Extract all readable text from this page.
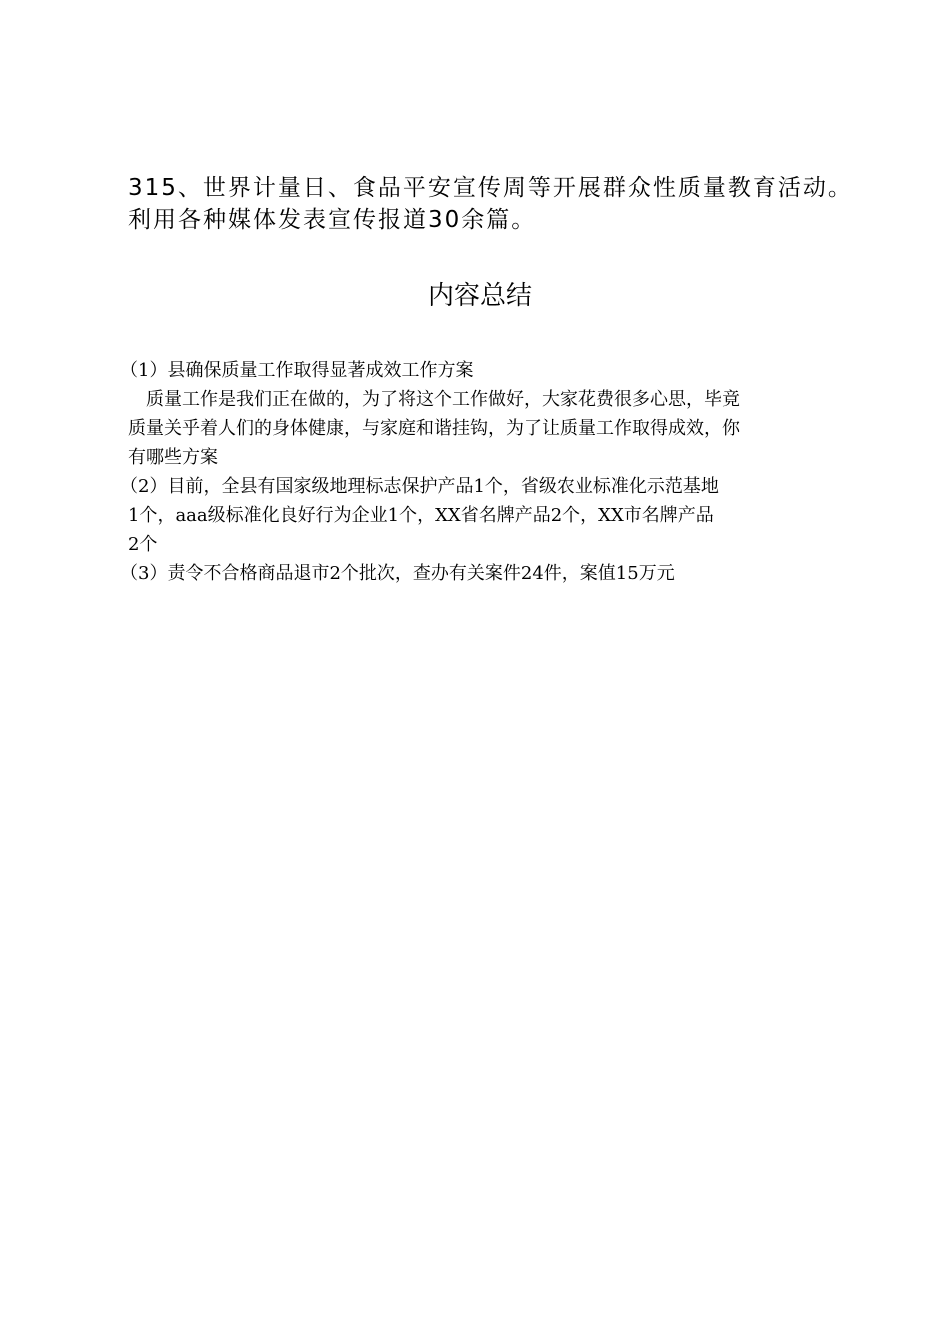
315、世界计量日、食品平安宣传周等开展群众性质量教育活动。

利用各种媒体发表宣传报道30余篇。

内容总结
（1）县确保质量工作取得显著成效工作方案
质量工作是我们正在做的，为了将这个工作做好，大家花费很多心思，毕竟
质量关乎着人们的身体健康，与家庭和谐挂钩，为了让质量工作取得成效，你
有哪些方案
（2）目前，全县有国家级地理标志保护产品1个，省级农业标准化示范基地
1个，aaa级标准化良好行为企业1个，XX省名牌产品2个，XX市名牌产品
2个
（3）责令不合格商品退市2个批次，查办有关案件24件，案值15万元
